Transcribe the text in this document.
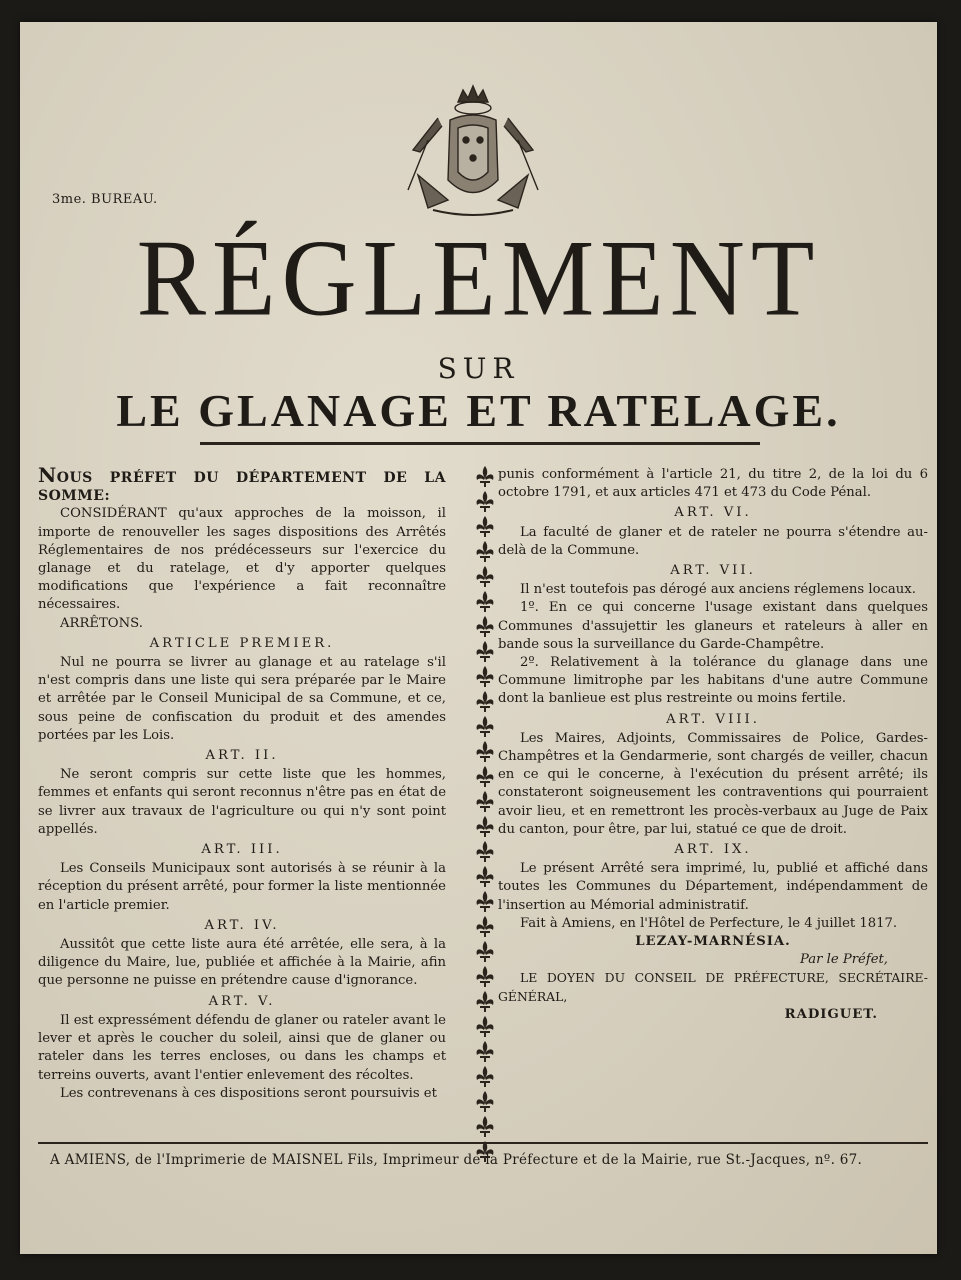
3me. BUREAU.
RÉGLEMENT
SUR
LE GLANAGE ET RATELAGE.

NOUS PRÉFET DU DÉPARTEMENT DE LA SOMME:

CONSIDÉRANT qu'aux approches de la moisson, il importe de renouveller les sages dispositions des Arrêtés Réglementaires de nos prédécesseurs sur l'exercice du glanage et du ratelage, et d'y apporter quelques modifications que l'expérience a fait reconnaître nécessaires.

ARRÊTONS.

ARTICLE PREMIER.

Nul ne pourra se livrer au glanage et au ratelage s'il n'est compris dans une liste qui sera préparée par le Maire et arrêtée par le Conseil Municipal de sa Commune, et ce, sous peine de confiscation du produit et des amendes portées par les Lois.

ART. II.

Ne seront compris sur cette liste que les hommes, femmes et enfants qui seront reconnus n'être pas en état de se livrer aux travaux de l'agriculture ou qui n'y sont point appellés.

ART. III.

Les Conseils Municipaux sont autorisés à se réunir à la réception du présent arrêté, pour former la liste mentionnée en l'article premier.

ART. IV.

Aussitôt que cette liste aura été arrêtée, elle sera, à la diligence du Maire, lue, publiée et affichée à la Mairie, afin que personne ne puisse en prétendre cause d'ignorance.

ART. V.

Il est expressément défendu de glaner ou rateler avant le lever et après le coucher du soleil, ainsi que de glaner ou rateler dans les terres encloses, ou dans les champs et terreins ouverts, avant l'entier enlevement des récoltes.

Les contrevenans à ces dispositions seront poursuivis et

punis conformément à l'article 21, du titre 2, de la loi du 6 octobre 1791, et aux articles 471 et 473 du Code Pénal.

ART. VI.

La faculté de glaner et de rateler ne pourra s'étendre au-delà de la Commune.

ART. VII.

Il n'est toutefois pas dérogé aux anciens réglemens locaux.

1º. En ce qui concerne l'usage existant dans quelques Communes d'assujettir les glaneurs et rateleurs à aller en bande sous la surveillance du Garde-Champêtre.

2º. Relativement à la tolérance du glanage dans une Commune limitrophe par les habitans d'une autre Commune dont la banlieue est plus restreinte ou moins fertile.

ART. VIII.

Les Maires, Adjoints, Commissaires de Police, Gardes-Champêtres et la Gendarmerie, sont chargés de veiller, chacun en ce qui le concerne, à l'exécution du présent arrêté; ils constateront soigneusement les contraventions qui pourraient avoir lieu, et en remettront les procès-verbaux au Juge de Paix du canton, pour être, par lui, statué ce que de droit.

ART. IX.

Le présent Arrêté sera imprimé, lu, publié et affiché dans toutes les Communes du Département, indépendamment de l'insertion au Mémorial administratif.

Fait à Amiens, en l'Hôtel de Perfecture, le 4 juillet 1817.

LEZAY-MARNÉSIA.

Par le Préfet,

LE DOYEN DU CONSEIL DE PRÉFECTURE, SECRÉTAIRE-GÉNÉRAL,

RADIGUET.

A AMIENS, de l'Imprimerie de MAISNEL Fils, Imprimeur de la Préfecture et de la Mairie, rue St.-Jacques, nº. 67.
